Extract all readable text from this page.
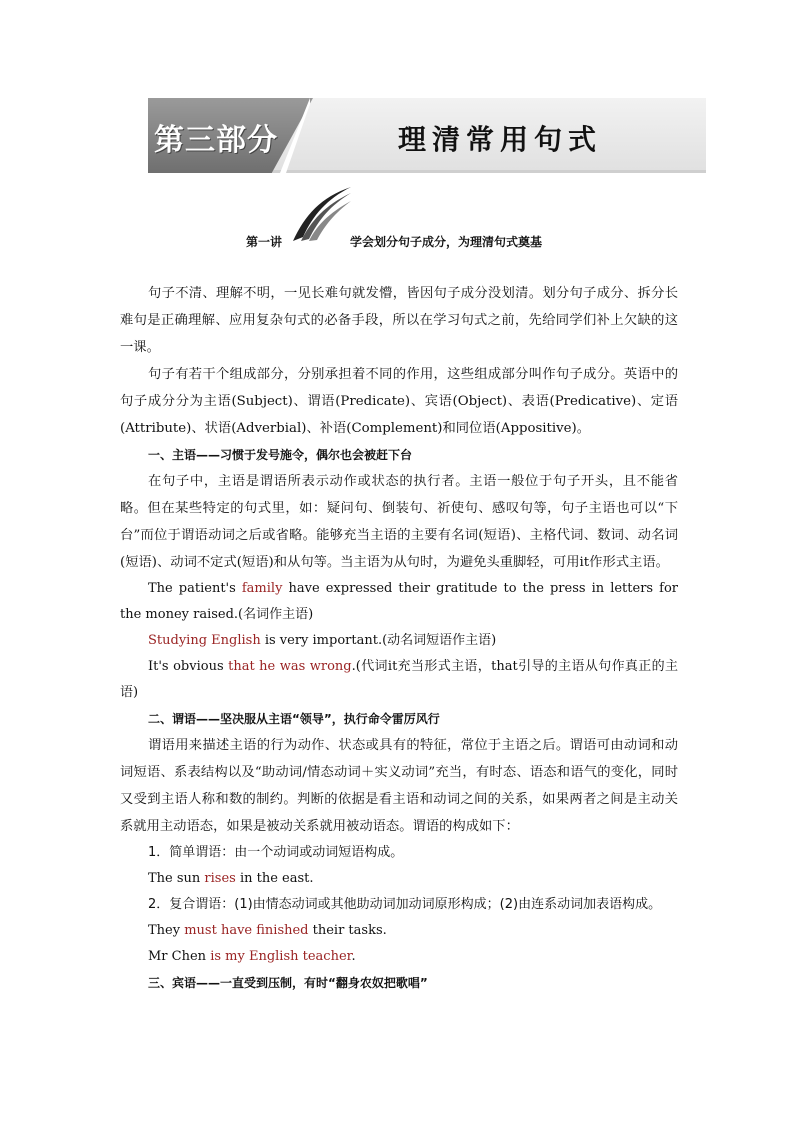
第三部分	理清常用句式
第一讲	学会划分句子成分，为理清句式奠基

句子不清、理解不明，一见长难句就发懵，皆因句子成分没划清。划分句子成分、拆分长难句是正确理解、应用复杂句式的必备手段，所以在学习句式之前，先给同学们补上欠缺的这一课。

句子有若干个组成部分，分别承担着不同的作用，这些组成部分叫作句子成分。英语中的句子成分分为主语(Subject)、谓语(Predicate)、宾语(Object)、表语(Predicative)、定语(Attribute)、状语(Adverbial)、补语(Complement)和同位语(Appositive)。

一、主语——习惯于发号施令，偶尔也会被赶下台

在句子中，主语是谓语所表示动作或状态的执行者。主语一般位于句子开头，且不能省略。但在某些特定的句式里，如：疑问句、倒装句、祈使句、感叹句等，句子主语也可以“下台”而位于谓语动词之后或省略。能够充当主语的主要有名词(短语)、主格代词、数词、动名词(短语)、动词不定式(短语)和从句等。当主语为从句时，为避免头重脚轻，可用it作形式主语。

The patient's family have expressed their gratitude to the press in letters for the money raised.(名词作主语)

Studying English is very important.(动名词短语作主语)

It's obvious that he was wrong.(代词it充当形式主语，that引导的主语从句作真正的主语)

二、谓语——坚决服从主语“领导”，执行命令雷厉风行

谓语用来描述主语的行为动作、状态或具有的特征，常位于主语之后。谓语可由动词和动词短语、系表结构以及“助动词/情态动词＋实义动词”充当，有时态、语态和语气的变化，同时又受到主语人称和数的制约。判断的依据是看主语和动词之间的关系，如果两者之间是主动关系就用主动语态，如果是被动关系就用被动语态。谓语的构成如下：

1．简单谓语：由一个动词或动词短语构成。

The sun rises in the east.

2．复合谓语：(1)由情态动词或其他助动词加动词原形构成；(2)由连系动词加表语构成。

They must have finished their tasks.

Mr Chen is my English teacher.

三、宾语——一直受到压制，有时“翻身农奴把歌唱”
